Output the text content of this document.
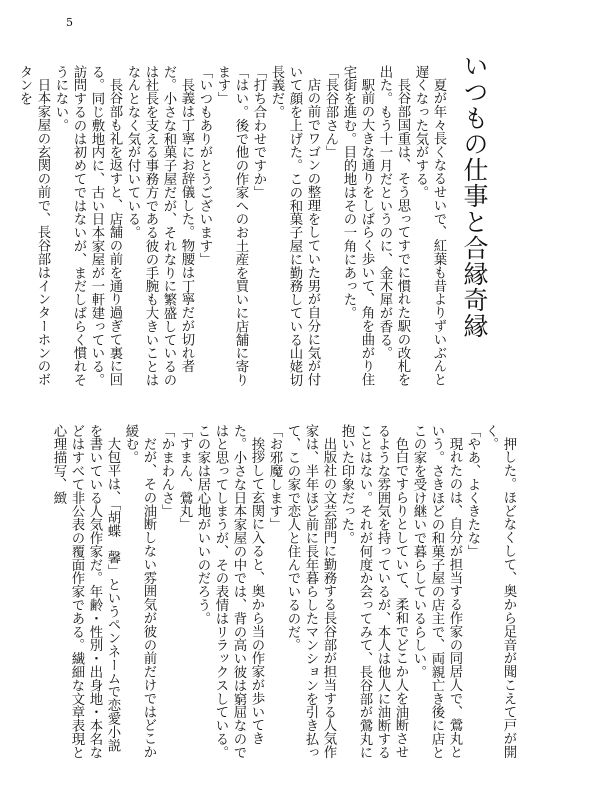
5
いつもの仕事と合縁奇縁
夏が年々長くなるせいで、紅葉も昔よりずいぶんと遅くなった気がする。
長谷部国重は、そう思ってすでに慣れた駅の改札を出た。もう十一月だというのに、金木犀が香る。
駅前の大きな通りをしばらく歩いて、角を曲がり住宅街を進む。目的地はその一角にあった。
「長谷部さん」
店の前でワゴンの整理をしていた男が自分に気が付いて顔を上げた。この和菓子屋に勤務している山姥切長義だ。
「打ち合わせですか」
「はい。後で他の作家へのお土産を買いに店舗に寄ります」
「いつもありがとうございます」
長義は丁寧にお辞儀した。物腰は丁寧だが切れ者だ。小さな和菓子屋だが、それなりに繁盛しているのは社長を支える事務方である彼の手腕も大きいことはなんとなく気が付いている。
長谷部も礼を返すと、店舗の前を通り過ぎて裏に回る。同じ敷地内に、古い日本家屋が一軒建っている。訪問するのは初めてではないが、まだしばらく慣れそうにない。
日本家屋の玄関の前で、長谷部はインターホンのボタンを
押した。ほどなくして、奥から足音が聞こえて戸が開く。
「やあ、よくきたな」
現れたのは、自分が担当する作家の同居人で、鶯丸という。さきほどの和菓子屋の店主で、両親亡き後に店とこの家を受け継いで暮らしているらしい。
色白ですらりとしていて、柔和でどこか人を油断させるような雰囲気を持っているが、本人は他人に油断することはない。それが何度か会ってみて、長谷部が鶯丸に抱いた印象だった。
出版社の文芸部門に勤務する長谷部が担当する人気作家は、半年ほど前に長年暮らしたマンションを引き払って、この家で恋人と住んでいるのだ。
「お邪魔します」
挨拶して玄関に入ると、奥から当の作家が歩いてきた。小さな日本家屋の中では、背の高い彼は窮屈なのではと思ってしまうが、その表情はリラックスしている。この家は居心地がいいのだろう。
「すまん、鶯丸」
「かまわんさ」
だが、その油断しない雰囲気が彼の前だけではどこか緩む。
大包平は、「胡蝶　馨」というペンネームで恋愛小説を書いている人気作家だ。年齢・性別・出身地・本名などはすべて非公表の覆面作家である。繊細な文章表現と心理描写、緻
